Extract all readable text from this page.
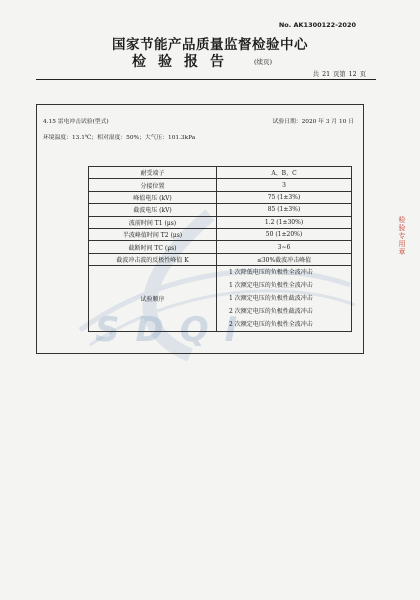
SDQI
No. AK1300122-2020
国家节能产品质量监督检验中心
检验报告	(续页)
共 21 页第 12 页
4.15 雷电冲击试验(型式)	试验日期：2020 年 3 月 10 日
环境温度：13.1℃；相对湿度：50%；大气压：101.3kPa
耐受端子	A、B、C
分接位置	3
峰值电压 (kV)	75 (1±3%)
截波电压 (kV)	85 (1±3%)
波前时间 T1 (μs)	1.2 (1±30%)
半波峰值时间 T2 (μs)	50 (1±20%)
截断时间 TC (μs)	3~6
截波冲击波的反极性峰值 K	≤30%截波冲击峰值
试验顺序	1 次降低电压的负极性全波冲击
1 次额定电压的负极性全波冲击
1 次额定电压的负极性截波冲击
2 次额定电压的负极性截波冲击
2 次额定电压的负极性全波冲击
检验专用章
